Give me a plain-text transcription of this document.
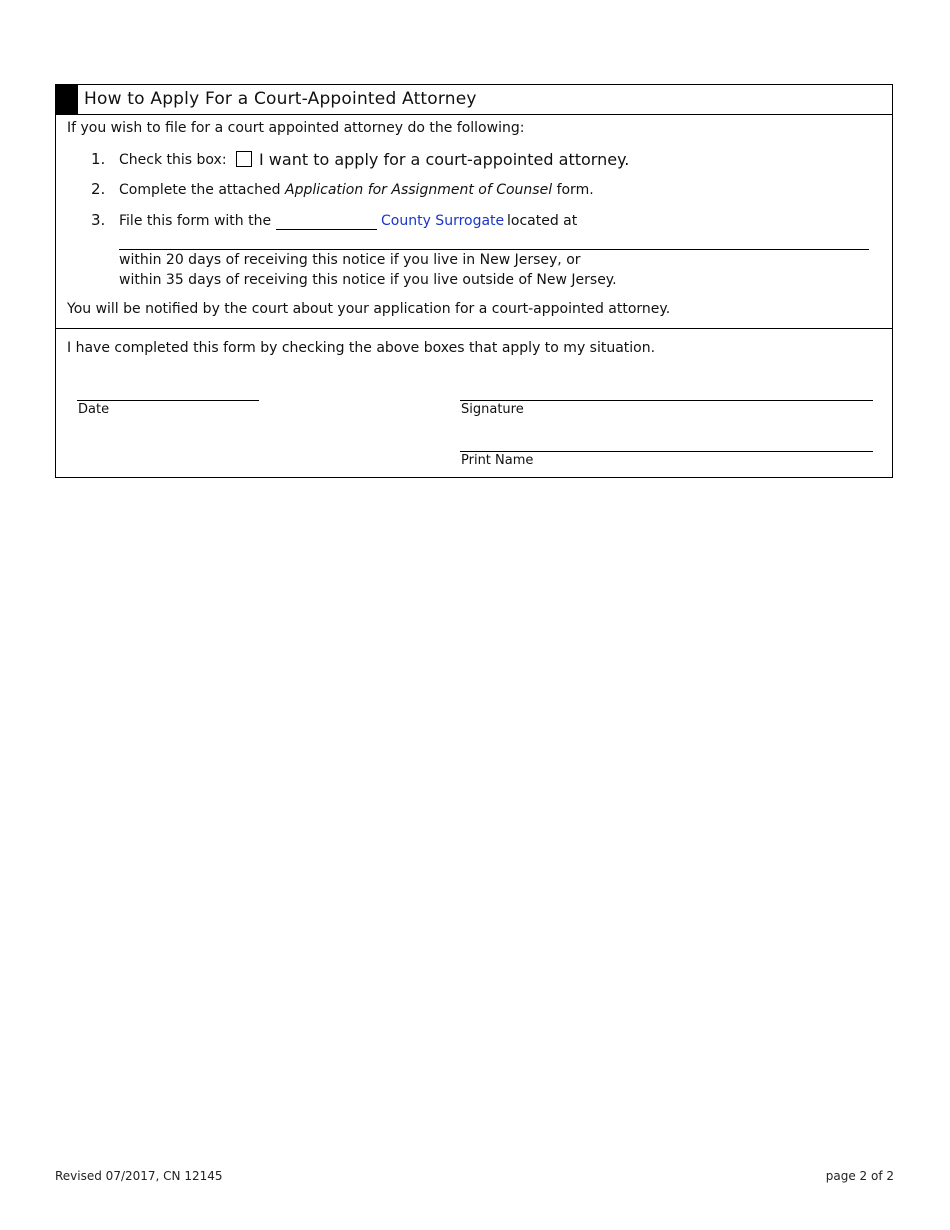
How to Apply For a Court-Appointed Attorney
If you wish to file for a court appointed attorney do the following:
1. Check this box: I want to apply for a court-appointed attorney.
2. Complete the attached Application for Assignment of Counsel form.
3. File this form with the	County Surrogate located at
within 20 days of receiving this notice if you live in New Jersey, or
within 35 days of receiving this notice if you live outside of New Jersey.
You will be notified by the court about your application for a court-appointed attorney.
I have completed this form by checking the above boxes that apply to my situation.
Date	Signature
Print Name
Revised 07/2017, CN 12145	page 2 of 2
